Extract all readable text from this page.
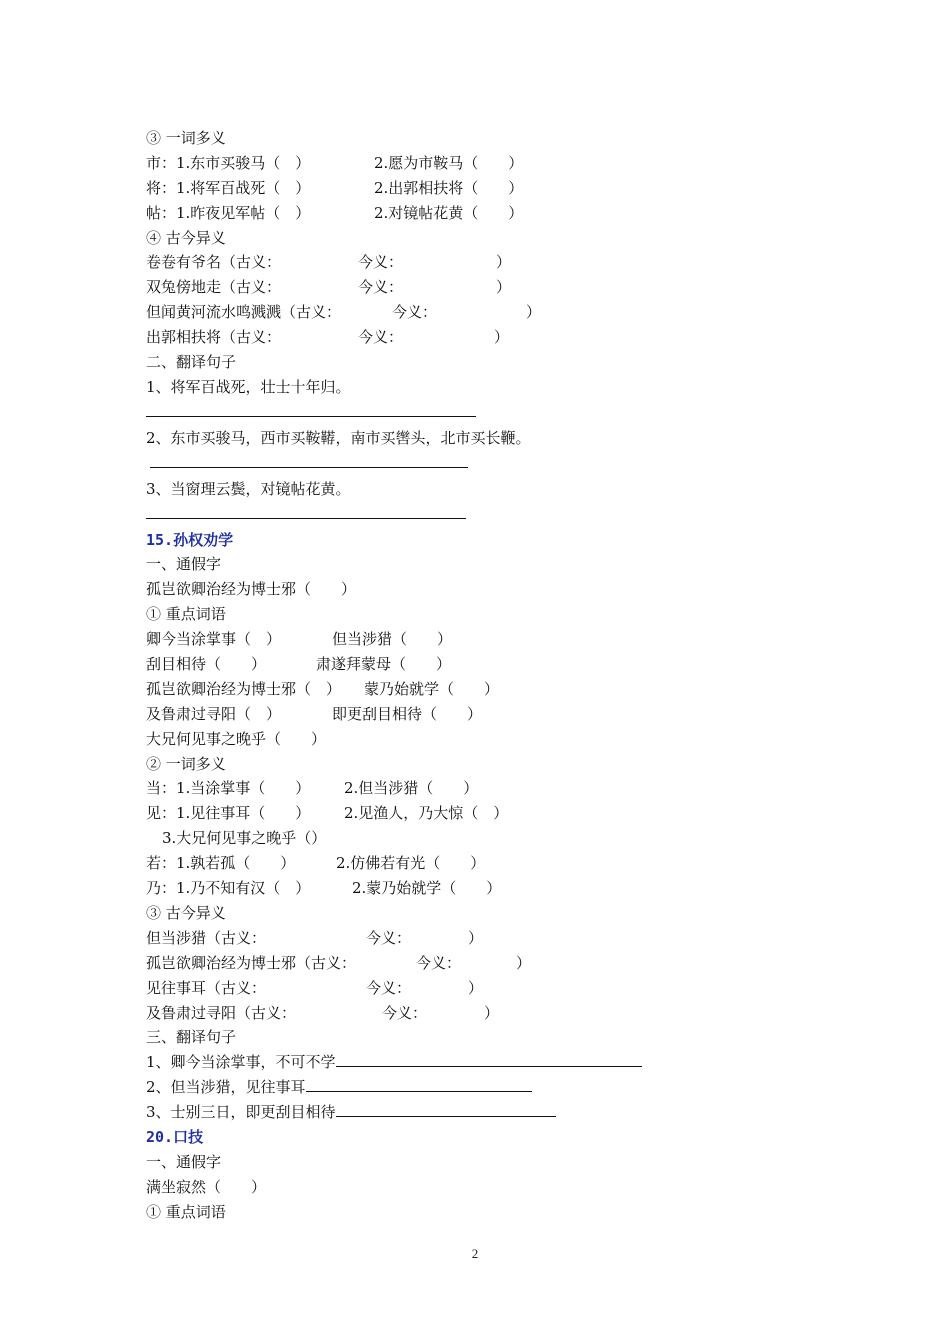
③ 一词多义
市：1.东市买骏马（　）	2.愿为市鞍马（　　）
将：1.将军百战死（　）	2.出郭相扶将（　　）
帖：1.昨夜见军帖（　）	2.对镜帖花黄（　　）
④ 古今异义
卷卷有爷名（古义：	今义：	）
双兔傍地走（古义：	今义：	）
但闻黄河流水鸣溅溅（古义：	今义：	）
出郭相扶将（古义：	今义：	）
二、翻译句子
1、将军百战死，壮士十年归。
2、东市买骏马，西市买鞍鞯，南市买辔头，北市买长鞭。
3、当窗理云鬓，对镜帖花黄。
15.孙权劝学
一、通假字
孤岂欲卿治经为博士邪（　　）
① 重点词语
卿今当涂掌事（　）	但当涉猎（　　）
刮目相待（　　）	肃遂拜蒙母（　　）
孤岂欲卿治经为博士邪（　） 蒙乃始就学（　　）
及鲁肃过寻阳（　）	即更刮目相待（　　）
大兄何见事之晚乎（　　）
② 一词多义
当：1.当涂掌事（　　） 2.但当涉猎（　　）
见：1.见往事耳（　　） 2.见渔人，乃大惊（　）
3.大兄何见事之晚乎（）
若：1.孰若孤（　　）	2.仿佛若有光（　　）
乃：1.乃不知有汉（　）	2.蒙乃始就学（　　）
③ 古今异义
但当涉猎（古义：	今义：	）
孤岂欲卿治经为博士邪（古义：	今义：	）
见往事耳（古义：	今义：	）
及鲁肃过寻阳（古义：	今义：	）
三、翻译句子
1、卿今当涂掌事，不可不学
2、但当涉猎，见往事耳
3、士别三日，即更刮目相待
20.口技
一、通假字
满坐寂然（　　）
① 重点词语
2
